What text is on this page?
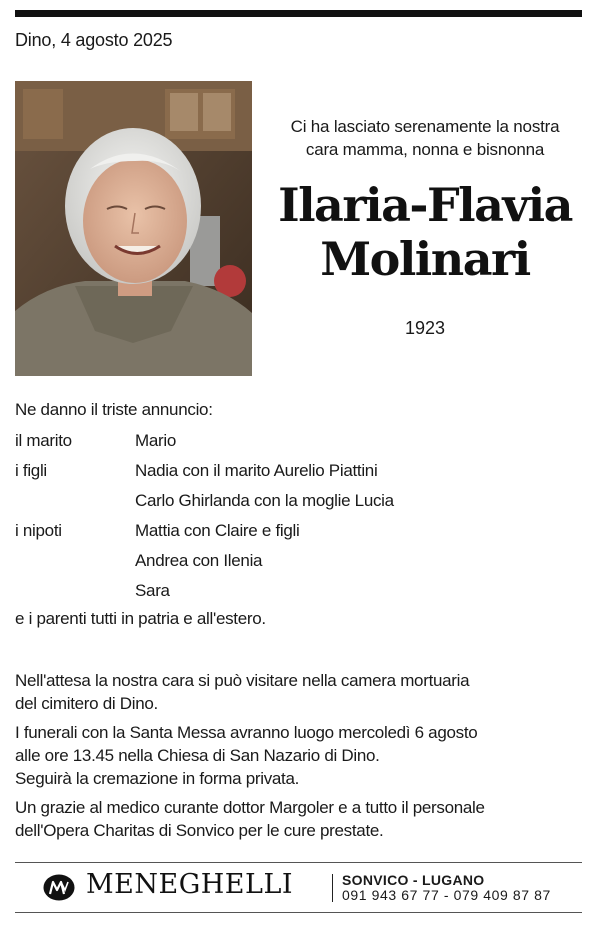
Dino, 4 agosto 2025
Ci ha lasciato serenamente la nostra
cara mamma, nonna e bisnonna
Ilaria-Flavia
Molinari
1923
Ne danno il triste annuncio:
il marito	Mario
i figli	Nadia con il marito Aurelio Piattini
Carlo Ghirlanda con la moglie Lucia
i nipoti	Mattia con Claire e figli
Andrea con Ilenia
Sara
e i parenti tutti in patria e all'estero.

Nell'attesa la nostra cara si può visitare nella camera mortuaria
del cimitero di Dino.

I funerali con la Santa Messa avranno luogo mercoledì 6 agosto
alle ore 13.45 nella Chiesa di San Nazario di Dino.
Seguirà la cremazione in forma privata.

Un grazie al medico curante dottor Margoler e a tutto il personale
dell'Opera Charitas di Sonvico per le cure prestate.

MENEGHELLI	SONVICO - LUGANO
091 943 67 77 - 079 409 87 87
